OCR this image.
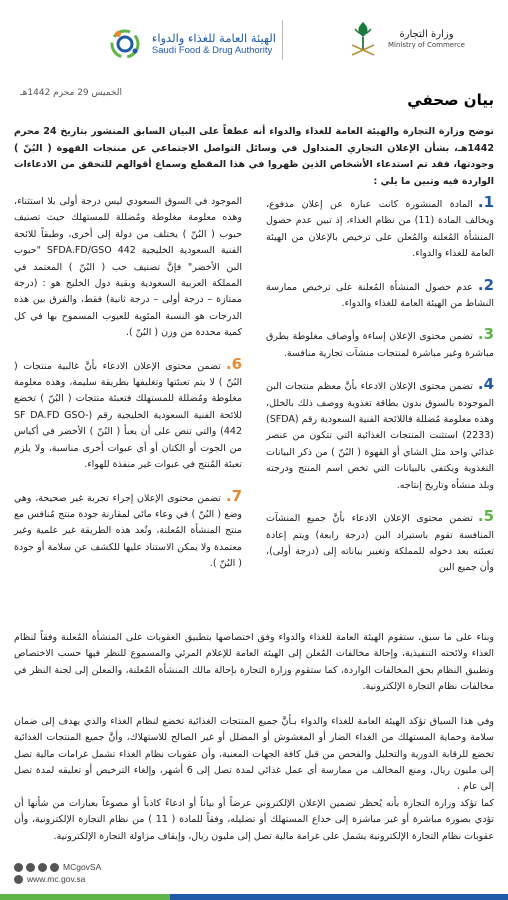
وزارة التجارة
Ministry of Commerce
الهيئة العامة للغذاء والدواء
Saudi Food & Drug Authority
الخميس 29 محرم 1442هـ	بيان صحفي
توضح وزارة التجارة والهيئة العامة للغذاء والدواء أنه عطفاً على البيان السابق المنشور بتاريخ 24 محرم 1442هـ، بشأن الإعلان التجاري المتداول في وسائل التواصل الاجتماعي عن منتجات القهوة ( البُنّ ) وجودتها، فقد تم استدعاء الأشخاص الذين ظهروا في هذا المقطع وسماع أقوالهم للتحقق من الادعاءات الواردة فيه وتبين ما يلي :

1.المادة المنشورة كانت عبارة عن إعلان مدفوع، ويخالف المادة (11) من نظام الغذاء، إذ تبين عدم حصول المنشأة المُعلنة والمُعلن على ترخيص بالإعلان من الهيئة العامة للغذاء والدواء.

2.عدم حصول المنشأة المُعلنة على ترخيص ممارسة النشاط من الهيئة العامة للغذاء والدواء.

3.تضمن محتوى الإعلان إساءة وأوصاف مغلوطة بطرق مباشرة وغير مباشرة لمنتجات منشآت تجارية منافسة.

4.تضمن محتوى الإعلان الادعاء بأنَّ معظم منتجات البن الموجودة بالسوق بدون بطاقة تغذوية ووصف ذلك بالخلل، وهذه معلومة مُضللة فاللائحة الفنية السعودية رقم (SFDA) (2233) استثنت المنتجات الغذائية التي تتكون من عنصر غذائي واحد مثل الشاي أو القهوة ( البُنّ ) من ذكر البيانات التغذوية ويكتفى بالبيانات التي تخص اسم المنتج ودرجته وبلد منشأه وتاريخ إنتاجه.

5.تضمن محتوى الإعلان الادعاء بأنَّ جميع المنشآت المنافسة تقوم باستيراد البن (درجة رابعة) ويتم إعادة تعبئته بعد دخوله للمملكة وتغيير بياناته إلى (درجة أولى)، وأن جميع البن

الموجود في السوق السعودي ليس درجة أولى بلا استثناء، وهذه معلومة مغلوطة ومُضللة للمستهلك حيث تصنيف حبوب ( البُنّ ) يختلف من دولة إلى أخرى، وطبقاً للائحة الفنية السعودية الخليجية 442 SFDA.FD/GSO "حبوب البن الأخضر" فإنَّ تصنيف حب ( البُنّ ) المعتمد في المملكة العربية السعودية وبقية دول الخليج هو : (درجة ممتازة – درجة أولى – درجة ثانية) فقط، والفرق بين هذه الدرجات هو النسبة المئوية للعيوب المسموح بها في كل كمية محددة من وزن ( البُنّ ).

6.تضمن محتوى الإعلان الادعاء بأنَّ غالبية منتجات ( البُنّ ) لا يتم تعبئتها وتغليفها بطريقة سليمة، وهذه معلومة مغلوطة ومُضللة للمستهلك فتعبئة منتجات ( البُنّ ) تخضع للائحة الفنية السعودية الخليجية رقم (-SF DA.FD GSO 442) والتي تنص على أن يعبأ ( البُنّ ) الأخضر في أكياس من الجوت أو الكتان أو أي عبوات أخرى مناسبة، ولا يلزم تعبئة المُنتج في عبوات غير منفذة للهواء.

7.تضمن محتوى الإعلان إجراء تجربة غير صحيحة، وهي وضع ( البُنّ ) في وعاء مائي لمقارنة جودة منتج مُنافس مع منتج المنشأة المُعلنة، وتُعد هذه الطريقة غير علمية وغير معتمدة ولا يمكن الاستناد عليها للكشف عن سلامة أو جودة ( البُنّ ).

وبناء على ما سبق، ستقوم الهيئة العامة للغذاء والدواء وفق اختصاصها بتطبيق العقوبات على المنشأة المُعلنة وفقاً لنظام الغذاء ولائحته التنفيذية، وإحالة مخالفات المُعلن إلى الهيئة العامة للإعلام المرئي والمسموع للنظر فيها حسب الاختصاص وتطبيق النظام بحق المخالفات الواردة، كما ستقوم وزارة التجارة بإحالة مالك المنشأة المُعلنة، والمعلن إلى لجنة النظر في مخالفات نظام التجارة الإلكترونية.
وفي هذا السياق تؤكد الهيئة العامة للغذاء والدواء بـأنَّ جميع المنتجات الغذائية تخضع لنظام الغذاء والذي يهدف إلى ضمان سلامة وحماية المستهلك من الغذاء الضار أو المغشوش أو المضلل أو غير الصالح للاستهلاك، وأنَّ جميع المنتجات الغذائية تخضع للرقابة الدورية والتحليل والفحص من قبل كافة الجهات المعنية، وأن عقوبات نظام الغذاء تشمل غرامات مالية تصل إلى مليون ريال، ومنع المخالف من ممارسة أي عمل غذائي لمدة تصل إلى 6 أشهر، وإلغاء الترخيص أو تعليقه لمدة تصل إلى عام .
كما تؤكد وزارة التجارة بأنه يُحظر تضمين الإعلان الإلكتروني عرضاً أو بياناً أو ادعاءً كاذباً أو مصوغاً بعبارات من شأنها أن تؤدي بصورة مباشرة أو غير مباشرة إلى خداع المستهلك أو تضليله، وفقاً للمادة ( 11 ) من نظام التجارة الإلكترونية، وأن عقوبات نظام التجارة الإلكترونية يشمل على غرامة مالية تصل إلى مليون ريال، وإيقاف مزاولة التجارة الإلكترونية.
MCgovSA
www.mc.gov.sa
